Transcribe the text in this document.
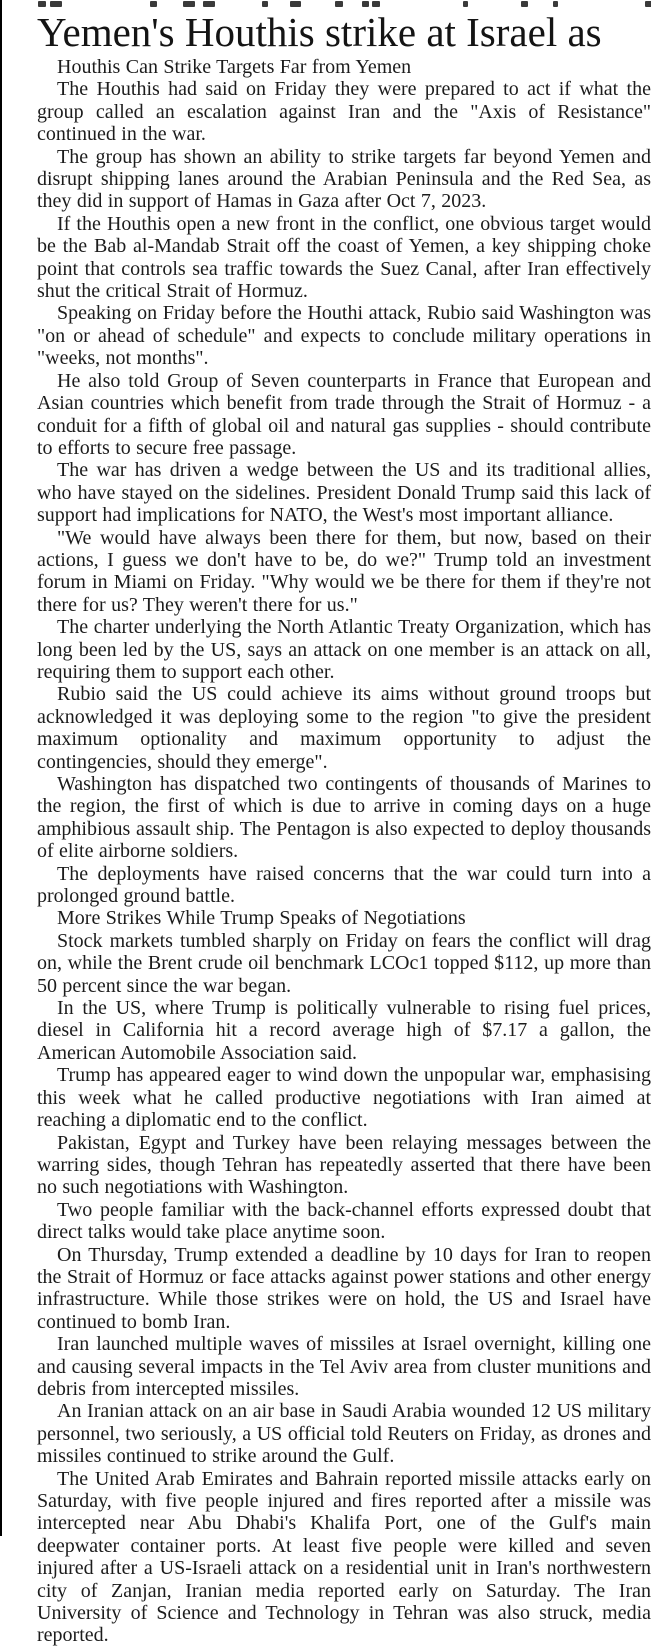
Yemen's Houthis strike at Israel as

Houthis Can Strike Targets Far from Yemen

The Houthis had said on Friday they were prepared to act if what the group called an escalation against Iran and the "Axis of Resistance" continued in the war.

The group has shown an ability to strike targets far beyond Yemen and disrupt shipping lanes around the Arabian Peninsula and the Red Sea, as they did in support of Hamas in Gaza after Oct 7, 2023.

If the Houthis open a new front in the conflict, one obvious target would be the Bab al-Mandab Strait off the coast of Yemen, a key shipping choke point that controls sea traffic towards the Suez Canal, after Iran effectively shut the critical Strait of Hormuz.

Speaking on Friday before the Houthi attack, Rubio said Washington was "on or ahead of schedule" and expects to conclude military operations in "weeks, not months".

He also told Group of Seven counterparts in France that European and Asian countries which benefit from trade through the Strait of Hormuz - a conduit for a fifth of global oil and natural gas supplies - should contribute to efforts to secure free passage.

The war has driven a wedge between the US and its traditional allies, who have stayed on the sidelines. President Donald Trump said this lack of support had implications for NATO, the West's most important alliance.

"We would have always been there for them, but now, based on their actions, I guess we don't have to be, do we?" Trump told an investment forum in Miami on Friday. "Why would we be there for them if they're not there for us? They weren't there for us."

The charter underlying the North Atlantic Treaty Organization, which has long been led by the US, says an attack on one member is an attack on all, requiring them to support each other.

Rubio said the US could achieve its aims without ground troops but acknowledged it was deploying some to the region "to give the president maximum optionality and maximum opportunity to adjust the contingencies, should they emerge".

Washington has dispatched two contingents of thousands of Marines to the region, the first of which is due to arrive in coming days on a huge amphibious assault ship. The Pentagon is also expected to deploy thousands of elite airborne soldiers.

The deployments have raised concerns that the war could turn into a prolonged ground battle.

More Strikes While Trump Speaks of Negotiations

Stock markets tumbled sharply on Friday on fears the conflict will drag on, while the Brent crude oil benchmark LCOc1 topped $112, up more than 50 percent since the war began.

In the US, where Trump is politically vulnerable to rising fuel prices, diesel in California hit a record average high of $7.17 a gallon, the American Automobile Association said.

Trump has appeared eager to wind down the unpopular war, emphasising this week what he called productive negotiations with Iran aimed at reaching a diplomatic end to the conflict.

Pakistan, Egypt and Turkey have been relaying messages between the warring sides, though Tehran has repeatedly asserted that there have been no such negotiations with Washington.

Two people familiar with the back-channel efforts expressed doubt that direct talks would take place anytime soon.

On Thursday, Trump extended a deadline by 10 days for Iran to reopen the Strait of Hormuz or face attacks against power stations and other energy infrastructure. While those strikes were on hold, the US and Israel have continued to bomb Iran.

Iran launched multiple waves of missiles at Israel overnight, killing one and causing several impacts in the Tel Aviv area from cluster munitions and debris from intercepted missiles.

An Iranian attack on an air base in Saudi Arabia wounded 12 US military personnel, two seriously, a US official told Reuters on Friday, as drones and missiles continued to strike around the Gulf.

The United Arab Emirates and Bahrain reported missile attacks early on Saturday, with five people injured and fires reported after a missile was intercepted near Abu Dhabi's Khalifa Port, one of the Gulf's main deepwater container ports. At least five people were killed and seven injured after a US-Israeli attack on a residential unit in Iran's northwestern city of Zanjan, Iranian media reported early on Saturday. The Iran University of Science and Technology in Tehran was also struck, media reported.
